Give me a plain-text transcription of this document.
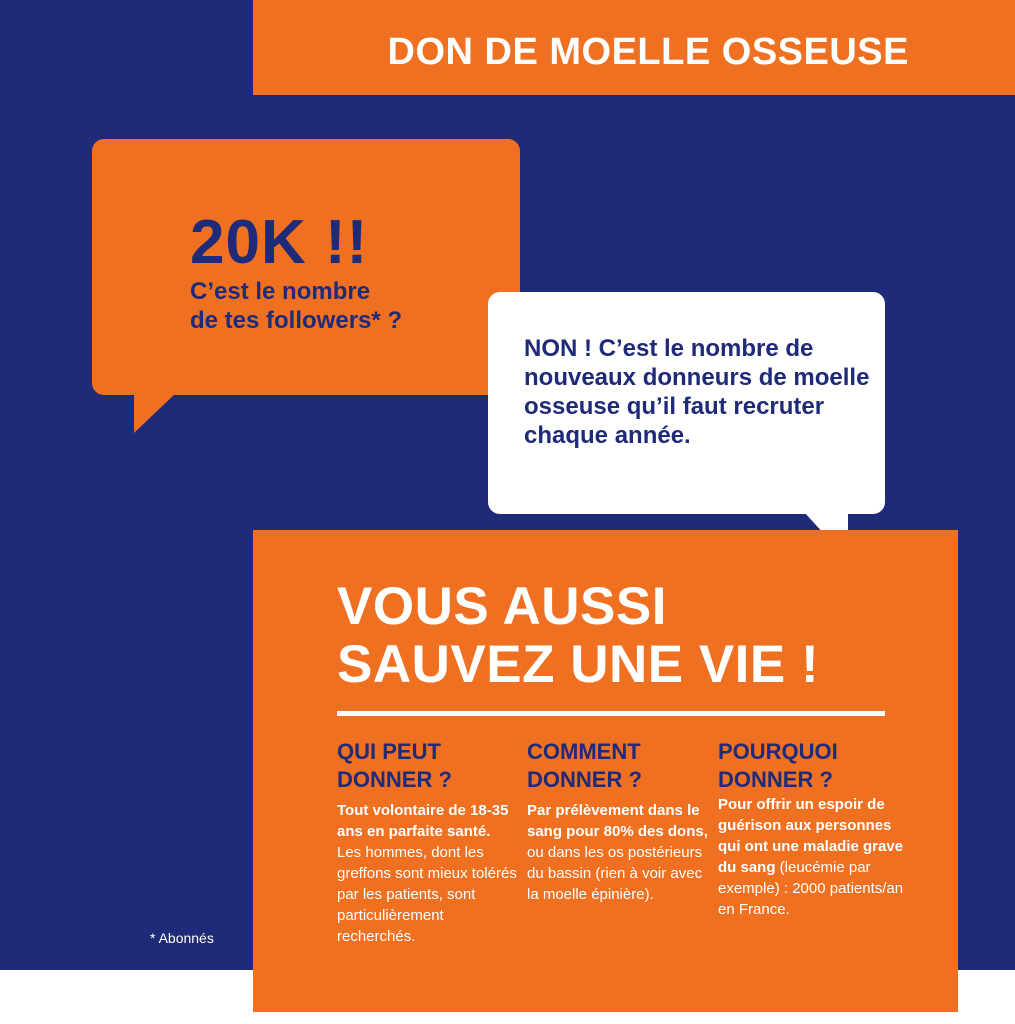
DON DE MOELLE OSSEUSE
20K !!
C’est le nombre
de tes followers* ?
NON ! C’est le nombre de nouveaux donneurs de moelle osseuse qu’il faut recruter chaque année.
VOUS AUSSI
SAUVEZ UNE VIE !
QUI PEUT
DONNER ?
Tout volontaire de 18-35 ans en parfaite santé.
Les hommes, dont les greffons sont mieux tolérés par les patients, sont particulièrement recherchés.
COMMENT
DONNER ?
Par prélèvement dans le sang pour 80% des dons,
ou dans les os postérieurs du bassin (rien à voir avec la moelle épinière).
POURQUOI
DONNER ?
Pour offrir un espoir de guérison aux personnes qui ont une maladie grave du sang (leucémie par exemple) : 2000 patients/an en France.
* Abonnés
